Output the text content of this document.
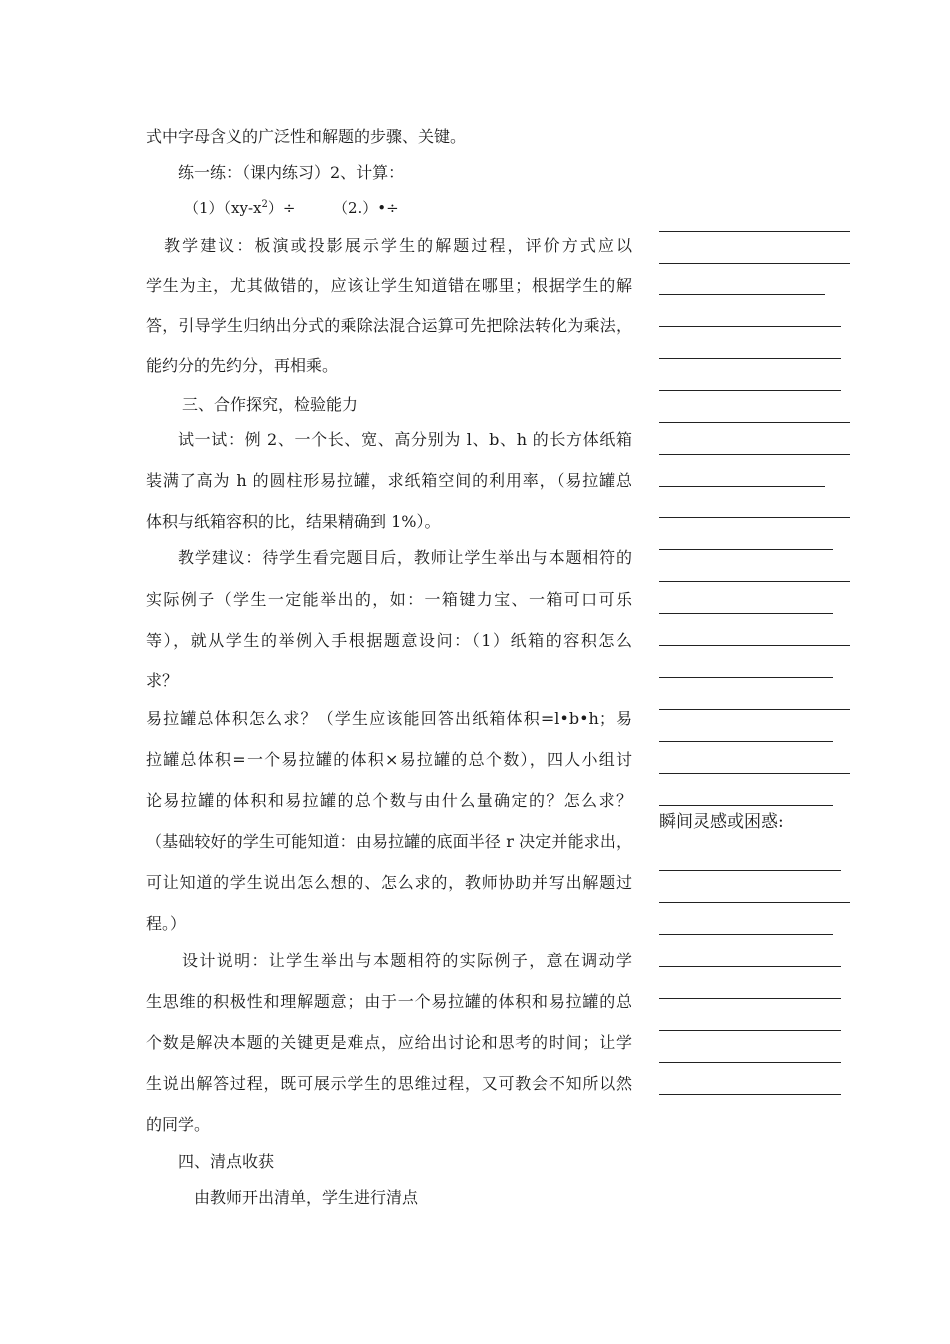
式中字母含义的广泛性和解题的步骤、关键。
练一练：（课内练习）2、计算：
$(1)(xy-x^2)\div$　　　（2.）•÷
　教学建议：板演或投影展示学生的解题过程，评价方式应以
学生为主，尤其做错的，应该让学生知道错在哪里；根据学生的解
答，引导学生归纳出分式的乘除法混合运算可先把除法转化为乘法，
能约分的先约分，再相乘。
三、合作探究，检验能力
试一试：例 2、一个长、宽、高分别为 l、b、h 的长方体纸箱
装满了高为 h 的圆柱形易拉罐，求纸箱空间的利用率，（易拉罐总
体积与纸箱容积的比，结果精确到 1%）。
教学建议：待学生看完题目后，教师让学生举出与本题相符的
实际例子（学生一定能举出的，如：一箱键力宝、一箱可口可乐
等），就从学生的举例入手根据题意设问：（1）纸箱的容积怎么
求？
易拉罐总体积怎么求？（学生应该能回答出纸箱体积=l•b•h；易
拉罐总体积=一个易拉罐的体积×易拉罐的总个数），四人小组讨
论易拉罐的体积和易拉罐的总个数与由什么量确定的？怎么求？
（基础较好的学生可能知道：由易拉罐的底面半径 r 决定并能求出，
可让知道的学生说出怎么想的、怎么求的，教师协助并写出解题过
程。）
设计说明：让学生举出与本题相符的实际例子，意在调动学
生思维的积极性和理解题意；由于一个易拉罐的体积和易拉罐的总
个数是解决本题的关键更是难点，应给出讨论和思考的时间；让学
生说出解答过程，既可展示学生的思维过程，又可教会不知所以然
的同学。
四、清点收获
由教师开出清单，学生进行清点
瞬间灵感或困惑:
